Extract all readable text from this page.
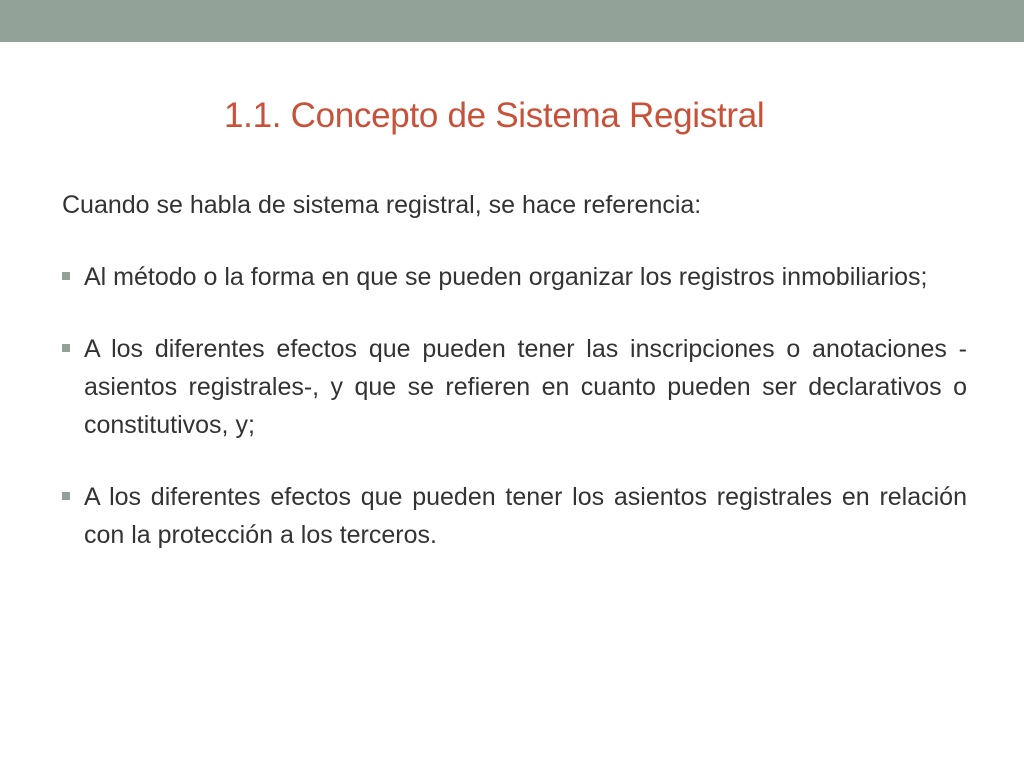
1.1. Concepto de Sistema Registral

Cuando se habla de sistema registral, se hace referencia:

Al método o la forma en que se pueden organizar los registros inmobiliarios;
A los diferentes efectos que pueden tener las inscripciones o anotaciones -asientos registrales-, y que se refieren en cuanto pueden ser declarativos o constitutivos, y;
A los diferentes efectos que pueden tener los asientos registrales en relación con la protección a los terceros.
